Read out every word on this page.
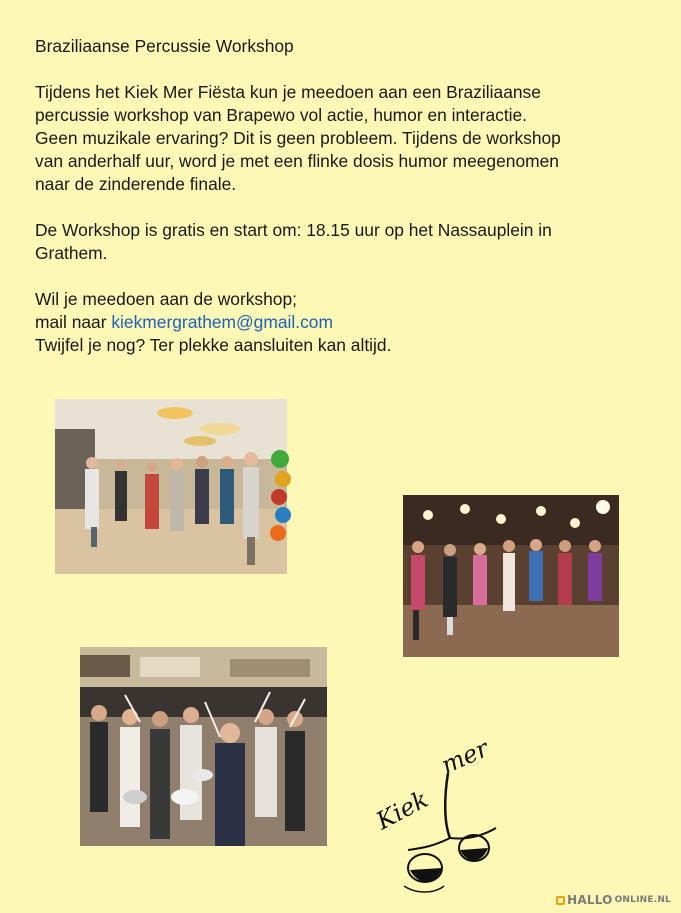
Braziliaanse Percussie Workshop

Tijdens het Kiek Mer Fiësta kun je meedoen aan een Braziliaanse
percussie workshop van Brapewo vol actie, humor en interactie.
Geen muzikale ervaring? Dit is geen probleem. Tijdens de workshop
van anderhalf uur, word je met een flinke dosis humor meegenomen
naar de zinderende finale.

De Workshop is gratis en start om: 18.15 uur op het Nassauplein in
Grathem.

Wil je meedoen aan de workshop;
mail naar kiekmergrathem@gmail.com
Twijfel je nog? Ter plekke aansluiten kan altijd.

Kiek
mer
HALLO ONLINE.NL
